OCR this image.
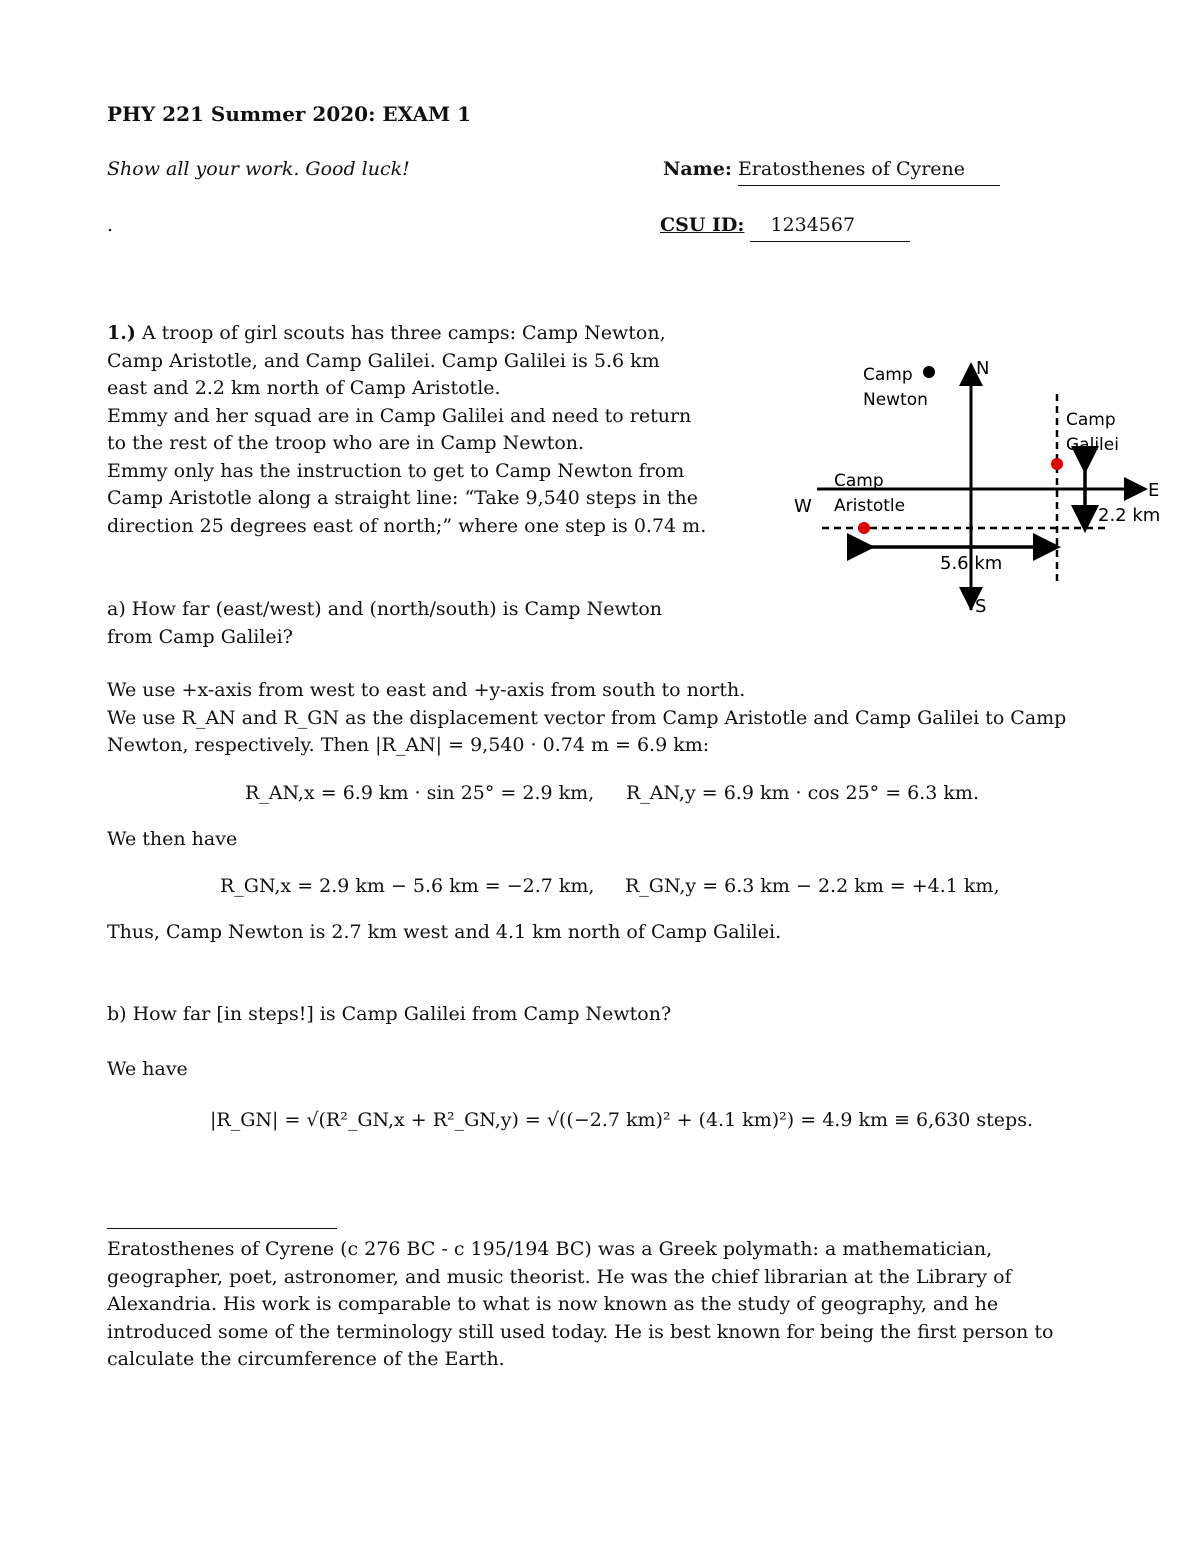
PHY 221 Summer 2020: EXAM 1
Show all your work. Good luck!
.
Name: Eratosthenes of Cyrene
CSU ID: 1234567
1.) A troop of girl scouts has three camps: Camp Newton,
Camp Aristotle, and Camp Galilei. Camp Galilei is 5.6 km
east and 2.2 km north of Camp Aristotle.
Emmy and her squad are in Camp Galilei and need to return
to the rest of the troop who are in Camp Newton.
Emmy only has the instruction to get to Camp Newton from
Camp Aristotle along a straight line: “Take 9,540 steps in the
direction 25 degrees east of north;” where one step is 0.74 m.
N
S
E
W
Camp
Newton
Camp
Galilei
Camp
Aristotle	2.2 km
5.6 km
a) How far (east/west) and (north/south) is Camp Newton from Camp Galilei?
We use +x-axis from west to east and +y-axis from south to north.
We use R_AN and R_GN as the displacement vector from Camp Aristotle and Camp Galilei to Camp
Newton, respectively. Then |R_AN| = 9,540 · 0.74 m = 6.9 km:
R_AN,x = 6.9 km · sin 25° = 2.9 km, R_AN,y = 6.9 km · cos 25° = 6.3 km.
We then have
R_GN,x = 2.9 km − 5.6 km = −2.7 km, R_GN,y = 6.3 km − 2.2 km = +4.1 km,
Thus, Camp Newton is 2.7 km west and 4.1 km north of Camp Galilei.
b) How far [in steps!] is Camp Galilei from Camp Newton?
We have
|R_GN| = √(R²_GN,x + R²_GN,y) = √((−2.7 km)² + (4.1 km)²) = 4.9 km ≡ 6,630 steps.
Eratosthenes of Cyrene (c 276 BC - c 195/194 BC) was a Greek polymath: a mathematician,
geographer, poet, astronomer, and music theorist. He was the chief librarian at the Library of
Alexandria. His work is comparable to what is now known as the study of geography, and he
introduced some of the terminology still used today. He is best known for being the first person to
calculate the circumference of the Earth.
